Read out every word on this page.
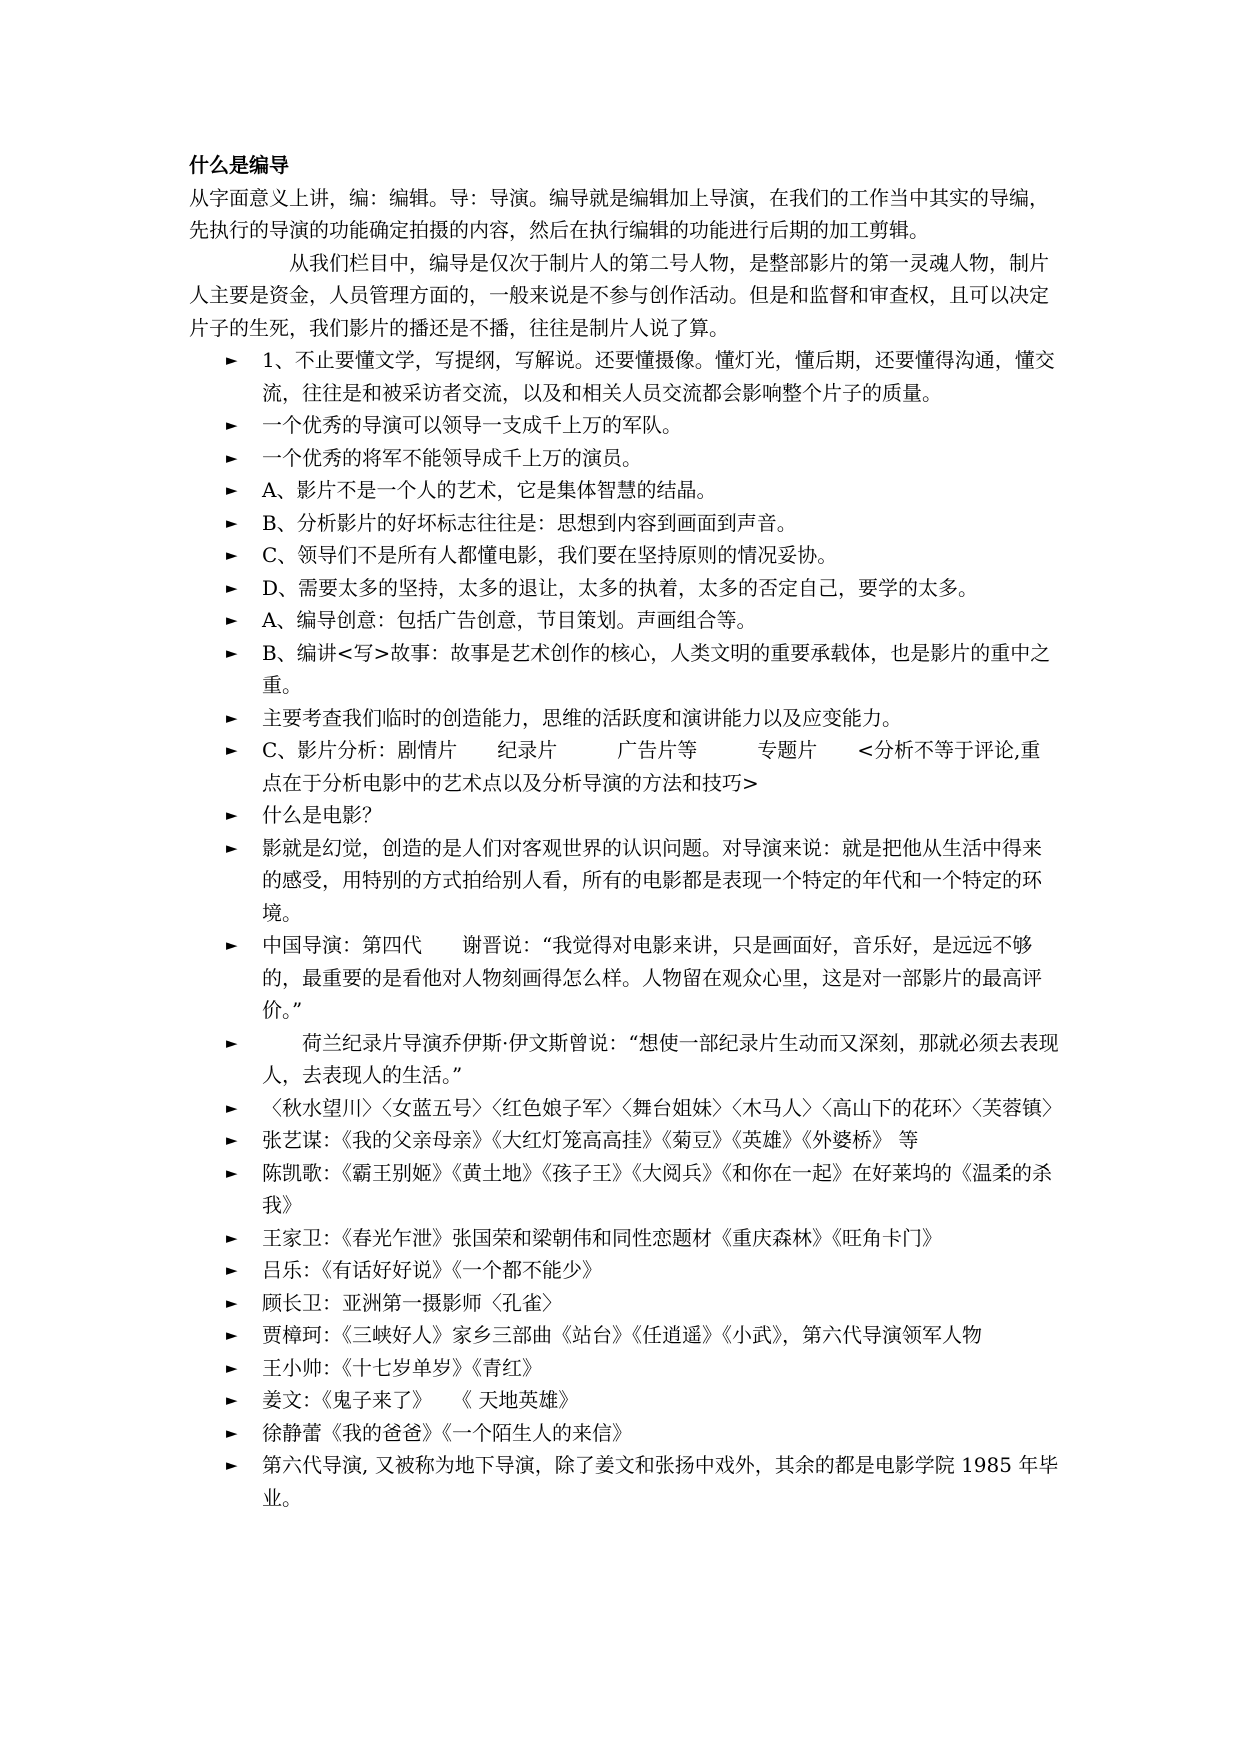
什么是编导

从字面意义上讲，编：编辑。导：导演。编导就是编辑加上导演，在我们的工作当中其实的导编，先执行的导演的功能确定拍摄的内容，然后在执行编辑的功能进行后期的加工剪辑。

从我们栏目中，编导是仅次于制片人的第二号人物，是整部影片的第一灵魂人物，制片人主要是资金，人员管理方面的，一般来说是不参与创作活动。但是和监督和审查权，且可以决定片子的生死，我们影片的播还是不播，往往是制片人说了算。

► 1、不止要懂文学，写提纲，写解说。还要懂摄像。懂灯光，懂后期，还要懂得沟通，懂交流，往往是和被采访者交流，以及和相关人员交流都会影响整个片子的质量。
► 一个优秀的导演可以领导一支成千上万的军队。
► 一个优秀的将军不能领导成千上万的演员。
► A、影片不是一个人的艺术，它是集体智慧的结晶。
► B、分析影片的好坏标志往往是：思想到内容到画面到声音。
► C、领导们不是所有人都懂电影，我们要在坚持原则的情况妥协。
► D、需要太多的坚持，太多的退让，太多的执着，太多的否定自己，要学的太多。
► A、编导创意：包括广告创意，节目策划。声画组合等。
► B、编讲<写>故事：故事是艺术创作的核心，人类文明的重要承载体，也是影片的重中之重。
► 主要考查我们临时的创造能力，思维的活跃度和演讲能力以及应变能力。
► C、影片分析：剧情片　　纪录片　　　广告片等　　　专题片　　<分析不等于评论,重点在于分析电影中的艺术点以及分析导演的方法和技巧>
► 什么是电影？
► 影就是幻觉，创造的是人们对客观世界的认识问题。对导演来说：就是把他从生活中得来的感受，用特别的方式拍给别人看，所有的电影都是表现一个特定的年代和一个特定的环境。
► 中国导演：第四代　　谢晋说：“我觉得对电影来讲，只是画面好，音乐好，是远远不够的，最重要的是看他对人物刻画得怎么样。人物留在观众心里，这是对一部影片的最高评价。”
► 　　荷兰纪录片导演乔伊斯·伊文斯曾说：“想使一部纪录片生动而又深刻，那就必须去表现人，去表现人的生活。”
► 〈秋水望川〉〈女蓝五号〉〈红色娘子军〉〈舞台姐妹〉〈木马人〉〈高山下的花环〉〈芙蓉镇〉
► 张艺谋：《我的父亲母亲》《大红灯笼高高挂》《菊豆》《英雄》《外婆桥》 等
► 陈凯歌：《霸王别姬》《黄土地》《孩子王》《大阅兵》《和你在一起》在好莱坞的《温柔的杀我》
► 王家卫：《春光乍泄》张国荣和梁朝伟和同性恋题材《重庆森林》《旺角卡门》
► 吕乐：《有话好好说》《一个都不能少》
► 顾长卫：亚洲第一摄影师〈孔雀〉
► 贾樟珂：《三峡好人》家乡三部曲《站台》《任逍遥》《小武》，第六代导演领军人物
► 王小帅：《十七岁单岁》《青红》
► 姜文：《鬼子来了》　　《 天地英雄》
► 徐静蕾《我的爸爸》《一个陌生人的来信》
► 第六代导演, 又被称为地下导演，除了姜文和张扬中戏外，其余的都是电影学院 1985 年毕业。
